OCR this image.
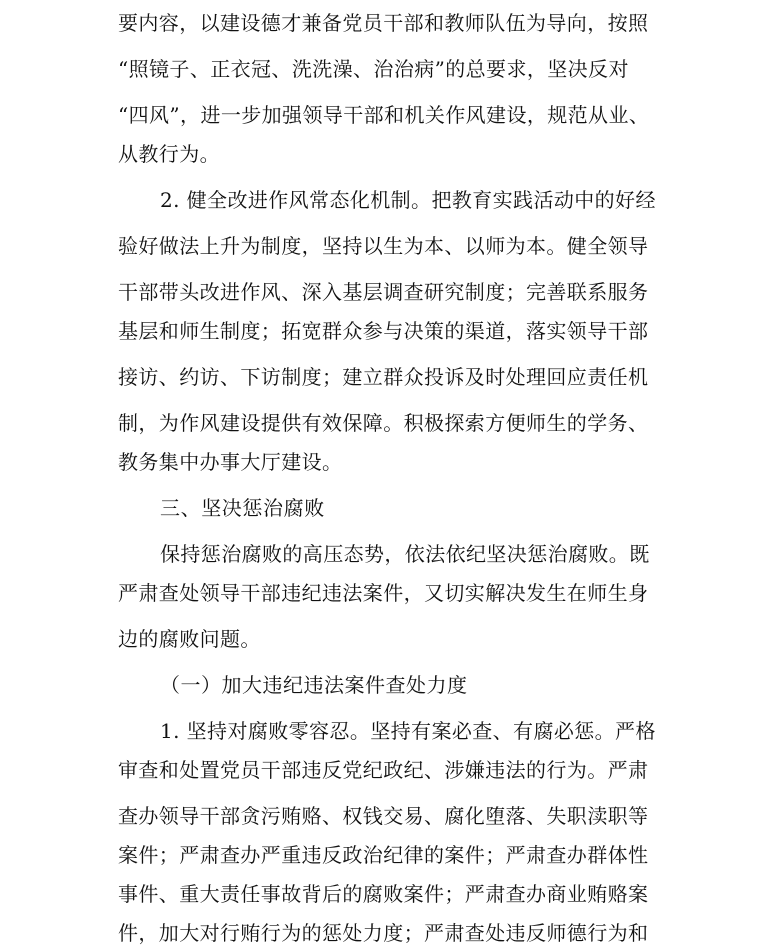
要内容，以建设德才兼备党员干部和教师队伍为导向，按照
“照镜子、正衣冠、洗洗澡、治治病”的总要求，坚决反对
“四风”，进一步加强领导干部和机关作风建设，规范从业、
从教行为。
2. 健全改进作风常态化机制。把教育实践活动中的好经
验好做法上升为制度，坚持以生为本、以师为本。健全领导
干部带头改进作风、深入基层调查研究制度；完善联系服务
基层和师生制度；拓宽群众参与决策的渠道，落实领导干部
接访、约访、下访制度；建立群众投诉及时处理回应责任机
制，为作风建设提供有效保障。积极探索方便师生的学务、
教务集中办事大厅建设。
三、坚决惩治腐败
保持惩治腐败的高压态势，依法依纪坚决惩治腐败。既
严肃查处领导干部违纪违法案件，又切实解决发生在师生身
边的腐败问题。
（一）加大违纪违法案件查处力度
1. 坚持对腐败零容忍。坚持有案必查、有腐必惩。严格
审查和处置党员干部违反党纪政纪、涉嫌违法的行为。严肃
查办领导干部贪污贿赂、权钱交易、腐化堕落、失职渎职等
案件；严肃查办严重违反政治纪律的案件；严肃查办群体性
事件、重大责任事故背后的腐败案件；严肃查办商业贿赂案
件，加大对行贿行为的惩处力度；严肃查处违反师德行为和
